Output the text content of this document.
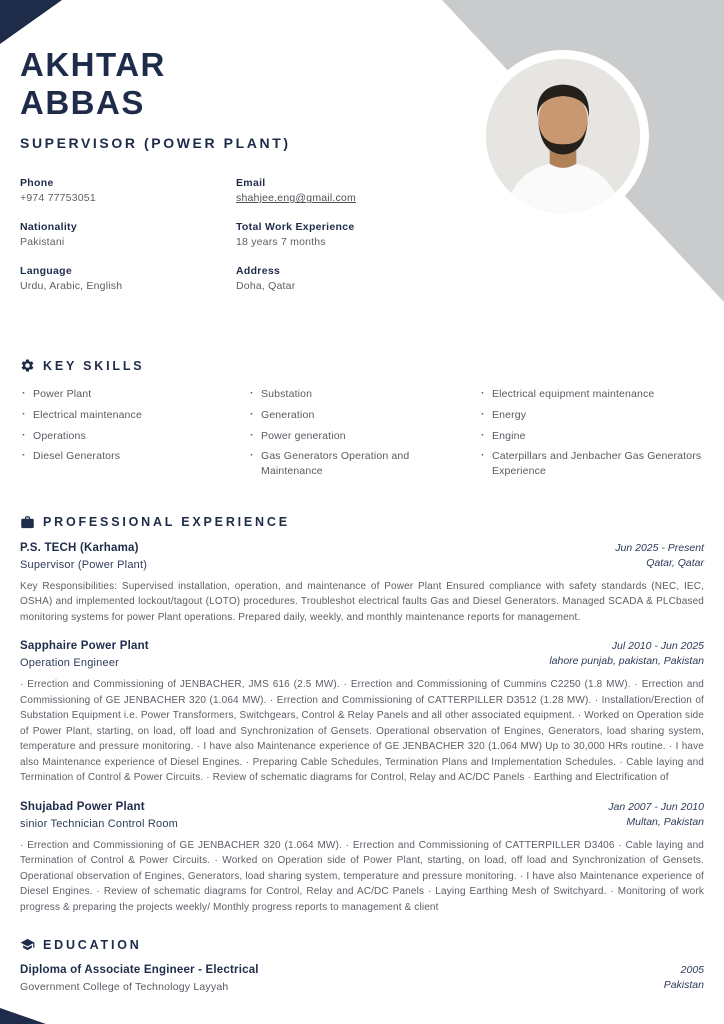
AKHTAR
ABBAS
SUPERVISOR (POWER PLANT)
Phone
+974 77753051
Email
shahjee.eng@gmail.com
Nationality
Pakistani
Total Work Experience
18 years 7 months
Language
Urdu, Arabic, English
Address
Doha, Qatar
KEY SKILLS
· Power Plant
· Electrical maintenance
· Operations
· Diesel Generators
· Substation
· Generation
· Power generation
· Gas Generators Operation and Maintenance
· Electrical equipment maintenance
· Energy
· Engine
· Caterpillars and Jenbacher Gas Generators Experience
PROFESSIONAL EXPERIENCE
P.S. TECH (Karhama)
Supervisor (Power Plant)
Jun 2025 - Present
Qatar, Qatar

Key Responsibilities: Supervised installation, operation, and maintenance of Power Plant Ensured compliance with safety standards (NEC, IEC, OSHA) and implemented lockout/tagout (LOTO) procedures. Troubleshot electrical faults Gas and Diesel Generators. Managed SCADA & PLCbased monitoring systems for power Plant operations. Prepared daily, weekly, and monthly maintenance reports for management.

Sapphaire Power Plant
Operation Engineer
Jul 2010 - Jun 2025
lahore punjab, pakistan, Pakistan

· Errection and Commissioning of JENBACHER, JMS 616 (2.5 MW). · Errection and Commissioning of Cummins C2250 (1.8 MW). · Errection and Commissioning of GE JENBACHER 320 (1.064 MW). · Errection and Commissioning of CATTERPILLER D3512 (1.28 MW). · Installation/Erection of Substation Equipment i.e. Power Transformers, Switchgears, Control & Relay Panels and all other associated equipment. · Worked on Operation side of Power Plant, starting, on load, off load and Synchronization of Gensets. Operational observation of Engines, Generators, load sharing system, temperature and pressure monitoring. · I have also Maintenance experience of GE JENBACHER 320 (1.064 MW) Up to 30,000 HRs routine. · I have also Maintenance experience of Diesel Engines. · Preparing Cable Schedules, Termination Plans and Implementation Schedules. · Cable laying and Termination of Control & Power Circuits. · Review of schematic diagrams for Control, Relay and AC/DC Panels · Earthing and Electrification of

Shujabad Power Plant
sinior Technician Control Room
Jan 2007 - Jun 2010
Multan, Pakistan

· Errection and Commissioning of GE JENBACHER 320 (1.064 MW). · Errection and Commissioning of CATTERPILLER D3406 · Cable laying and Termination of Control & Power Circuits. · Worked on Operation side of Power Plant, starting, on load, off load and Synchronization of Gensets. Operational observation of Engines, Generators, load sharing system, temperature and pressure monitoring. · I have also Maintenance experience of Diesel Engines. · Review of schematic diagrams for Control, Relay and AC/DC Panels · Laying Earthing Mesh of Switchyard. · Monitoring of work progress & preparing the projects weekly/ Monthly progress reports to management & client

EDUCATION
Diploma of Associate Engineer - Electrical
Government College of Technology Layyah
2005
Pakistan
